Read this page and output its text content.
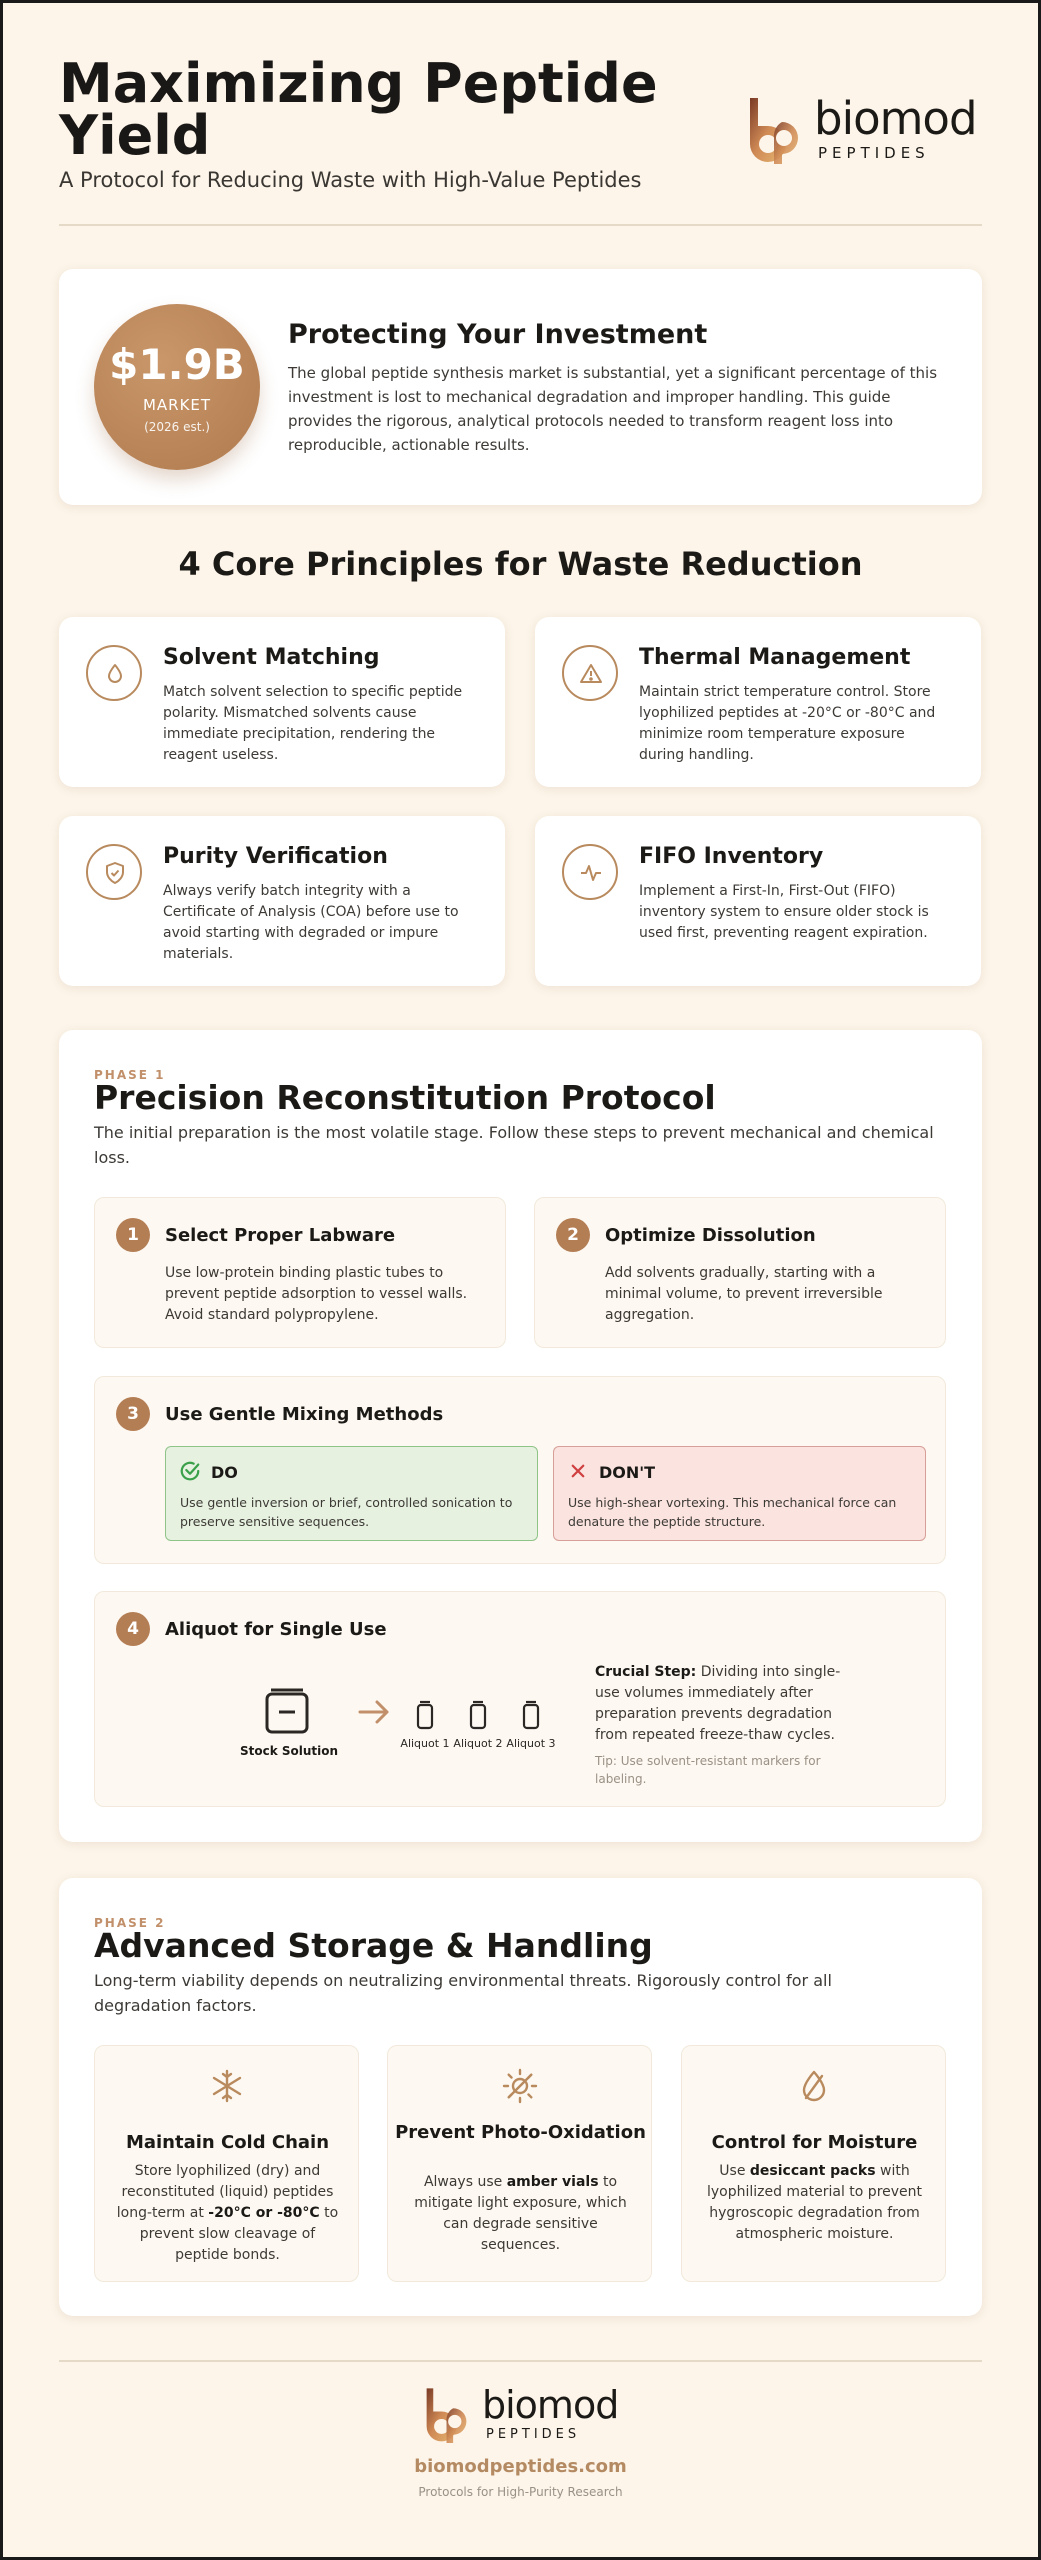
Maximizing Peptide Yield
A Protocol for Reducing Waste with High-Value Peptides
biomod
PEPTIDES
$1.9B
MARKET
(2026 est.)
Protecting Your Investment

The global peptide synthesis market is substantial, yet a significant percentage of this investment is lost to mechanical degradation and improper handling. This guide provides the rigorous, analytical protocols needed to transform reagent loss into reproducible, actionable results.

4 Core Principles for Waste Reduction
Solvent Matching

Match solvent selection to specific peptide polarity. Mismatched solvents cause immediate precipitation, rendering the reagent useless.

Thermal Management

Maintain strict temperature control. Store lyophilized peptides at -20°C or -80°C and minimize room temperature exposure during handling.

Purity Verification

Always verify batch integrity with a Certificate of Analysis (COA) before use to avoid starting with degraded or impure materials.

FIFO Inventory

Implement a First-In, First-Out (FIFO) inventory system to ensure older stock is used first, preventing reagent expiration.

PHASE 1
Precision Reconstitution Protocol
The initial preparation is the most volatile stage. Follow these steps to prevent mechanical and chemical loss.
1	Select Proper Labware
Use low-protein binding plastic tubes to prevent peptide adsorption to vessel walls. Avoid standard polypropylene.
2	Optimize Dissolution
Add solvents gradually, starting with a minimal volume, to prevent irreversible aggregation.
3	Use Gentle Mixing Methods
DO
Use gentle inversion or brief, controlled sonication to preserve sensitive sequences.
DON'T
Use high-shear vortexing. This mechanical force can denature the peptide structure.
4	Aliquot for Single Use
Stock Solution
Aliquot 1 Aliquot 2 Aliquot 3
Crucial Step: Dividing into single-use volumes immediately after preparation prevents degradation from repeated freeze-thaw cycles.
Tip: Use solvent-resistant markers for labeling.
PHASE 2
Advanced Storage & Handling
Long-term viability depends on neutralizing environmental threats. Rigorously control for all degradation factors.
Maintain Cold Chain
Store lyophilized (dry) and reconstituted (liquid) peptides long-term at -20°C or -80°C to prevent slow cleavage of peptide bonds.
Prevent Photo-Oxidation
Always use amber vials to mitigate light exposure, which can degrade sensitive sequences.
Control for Moisture
Use desiccant packs with lyophilized material to prevent hygroscopic degradation from atmospheric moisture.
biomod
PEPTIDES
biomodpeptides.com
Protocols for High-Purity Research
